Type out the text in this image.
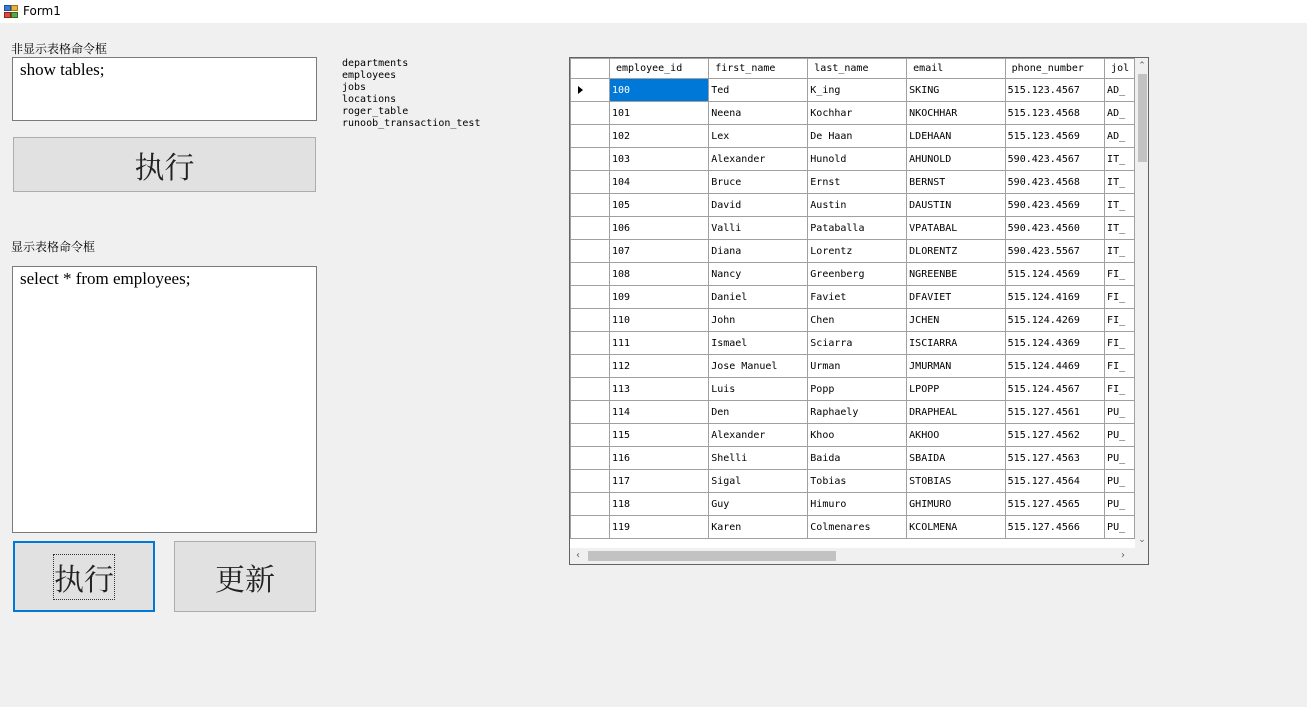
Form1
非显示表格命令框
show tables;
执行
显示表格命令框
select * from employees;
执行	更新
departments
employees
jobs
locations
roger_table
runoob_transaction_test
	employee_id	first_name	last_name	email	phone_number	jol
	100	Ted	K_ing	SKING	515.123.4567	AD_
	101	Neena	Kochhar	NKOCHHAR	515.123.4568	AD_
	102	Lex	De Haan	LDEHAAN	515.123.4569	AD_
	103	Alexander	Hunold	AHUNOLD	590.423.4567	IT_
	104	Bruce	Ernst	BERNST	590.423.4568	IT_
	105	David	Austin	DAUSTIN	590.423.4569	IT_
	106	Valli	Pataballa	VPATABAL	590.423.4560	IT_
	107	Diana	Lorentz	DLORENTZ	590.423.5567	IT_
	108	Nancy	Greenberg	NGREENBE	515.124.4569	FI_
	109	Daniel	Faviet	DFAVIET	515.124.4169	FI_
	110	John	Chen	JCHEN	515.124.4269	FI_
	111	Ismael	Sciarra	ISCIARRA	515.124.4369	FI_
	112	Jose Manuel	Urman	JMURMAN	515.124.4469	FI_
	113	Luis	Popp	LPOPP	515.124.4567	FI_
	114	Den	Raphaely	DRAPHEAL	515.127.4561	PU_
	115	Alexander	Khoo	AKHOO	515.127.4562	PU_
	116	Shelli	Baida	SBAIDA	515.127.4563	PU_
	117	Sigal	Tobias	STOBIAS	515.127.4564	PU_
	118	Guy	Himuro	GHIMURO	515.127.4565	PU_
	119	Karen	Colmenares	KCOLMENA	515.127.4566	PU_
⌃
⌄
‹	›
